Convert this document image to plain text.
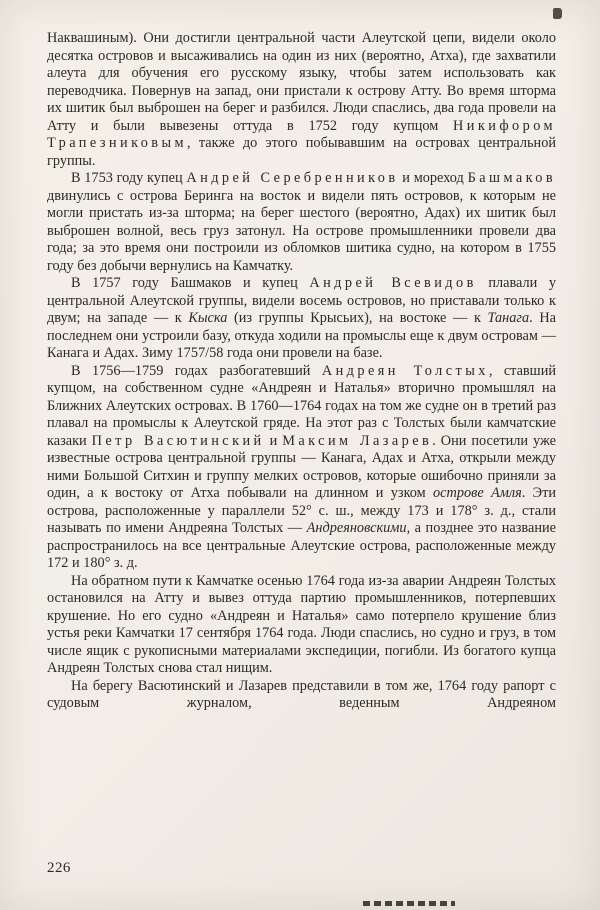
Наквашиным). Они достигли центральной части Алеутской цепи, видели около десятка островов и высаживались на один из них (вероятно, Атха), где захватили алеута для обучения его русскому языку, чтобы затем использовать как переводчика. Повернув на запад, они пристали к острову Атту. Во время шторма их шитик был выброшен на берег и разбился. Люди спаслись, два года провели на Атту и были вывезены оттуда в 1752 году купцом Никифором Трапезниковым, также до этого побывавшим на островах центральной группы.

В 1753 году купец Андрей Серебренников и мореход Башмаков двинулись с острова Беринга на восток и видели пять островов, к которым не могли пристать из-за шторма; на берег шестого (вероятно, Адах) их шитик был выброшен волной, весь груз затонул. На острове промышленники провели два года; за это время они построили из обломков шитика судно, на котором в 1755 году без добычи вернулись на Камчатку.

В 1757 году Башмаков и купец Андрей Всевидов плавали у центральной Алеутской группы, видели восемь островов, но приставали только к двум; на западе — к Кыска (из группы Крысьих), на востоке — к Танага. На последнем они устроили базу, откуда ходили на промыслы еще к двум островам — Канага и Адах. Зиму 1757/58 года они провели на базе.

В 1756—1759 годах разбогатевший Андреян Толстых, ставший купцом, на собственном судне «Андреян и Наталья» вторично промышлял на Ближних Алеутских островах. В 1760—1764 годах на том же судне он в третий раз плавал на промыслы к Алеутской гряде. На этот раз с Толстых были камчатские казаки Петр Васютинский и Максим Лазарев. Они посетили уже известные острова центральной группы — Канага, Адах и Атха, открыли между ними Большой Ситхин и группу мелких островов, которые ошибочно приняли за один, а к востоку от Атха побывали на длинном и узком острове Амля. Эти острова, расположенные у параллели 52° с. ш., между 173 и 178° з. д., стали называть по имени Андреяна Толстых — Андреяновскими, а позднее это название распространилось на все центральные Алеутские острова, расположенные между 172 и 180° з. д.

На обратном пути к Камчатке осенью 1764 года из-за аварии Андреян Толстых остановился на Атту и вывез оттуда партию промышленников, потерпевших крушение. Но его судно «Андреян и Наталья» само потерпело крушение близ устья реки Камчатки 17 сентября 1764 года. Люди спаслись, но судно и груз, в том числе ящик с рукописными материалами экспедиции, погибли. Из богатого купца Андреян Толстых снова стал нищим.

На берегу Васютинский и Лазарев представили в том же, 1764 году рапорт с судовым журналом, веденным Андреяном

226
